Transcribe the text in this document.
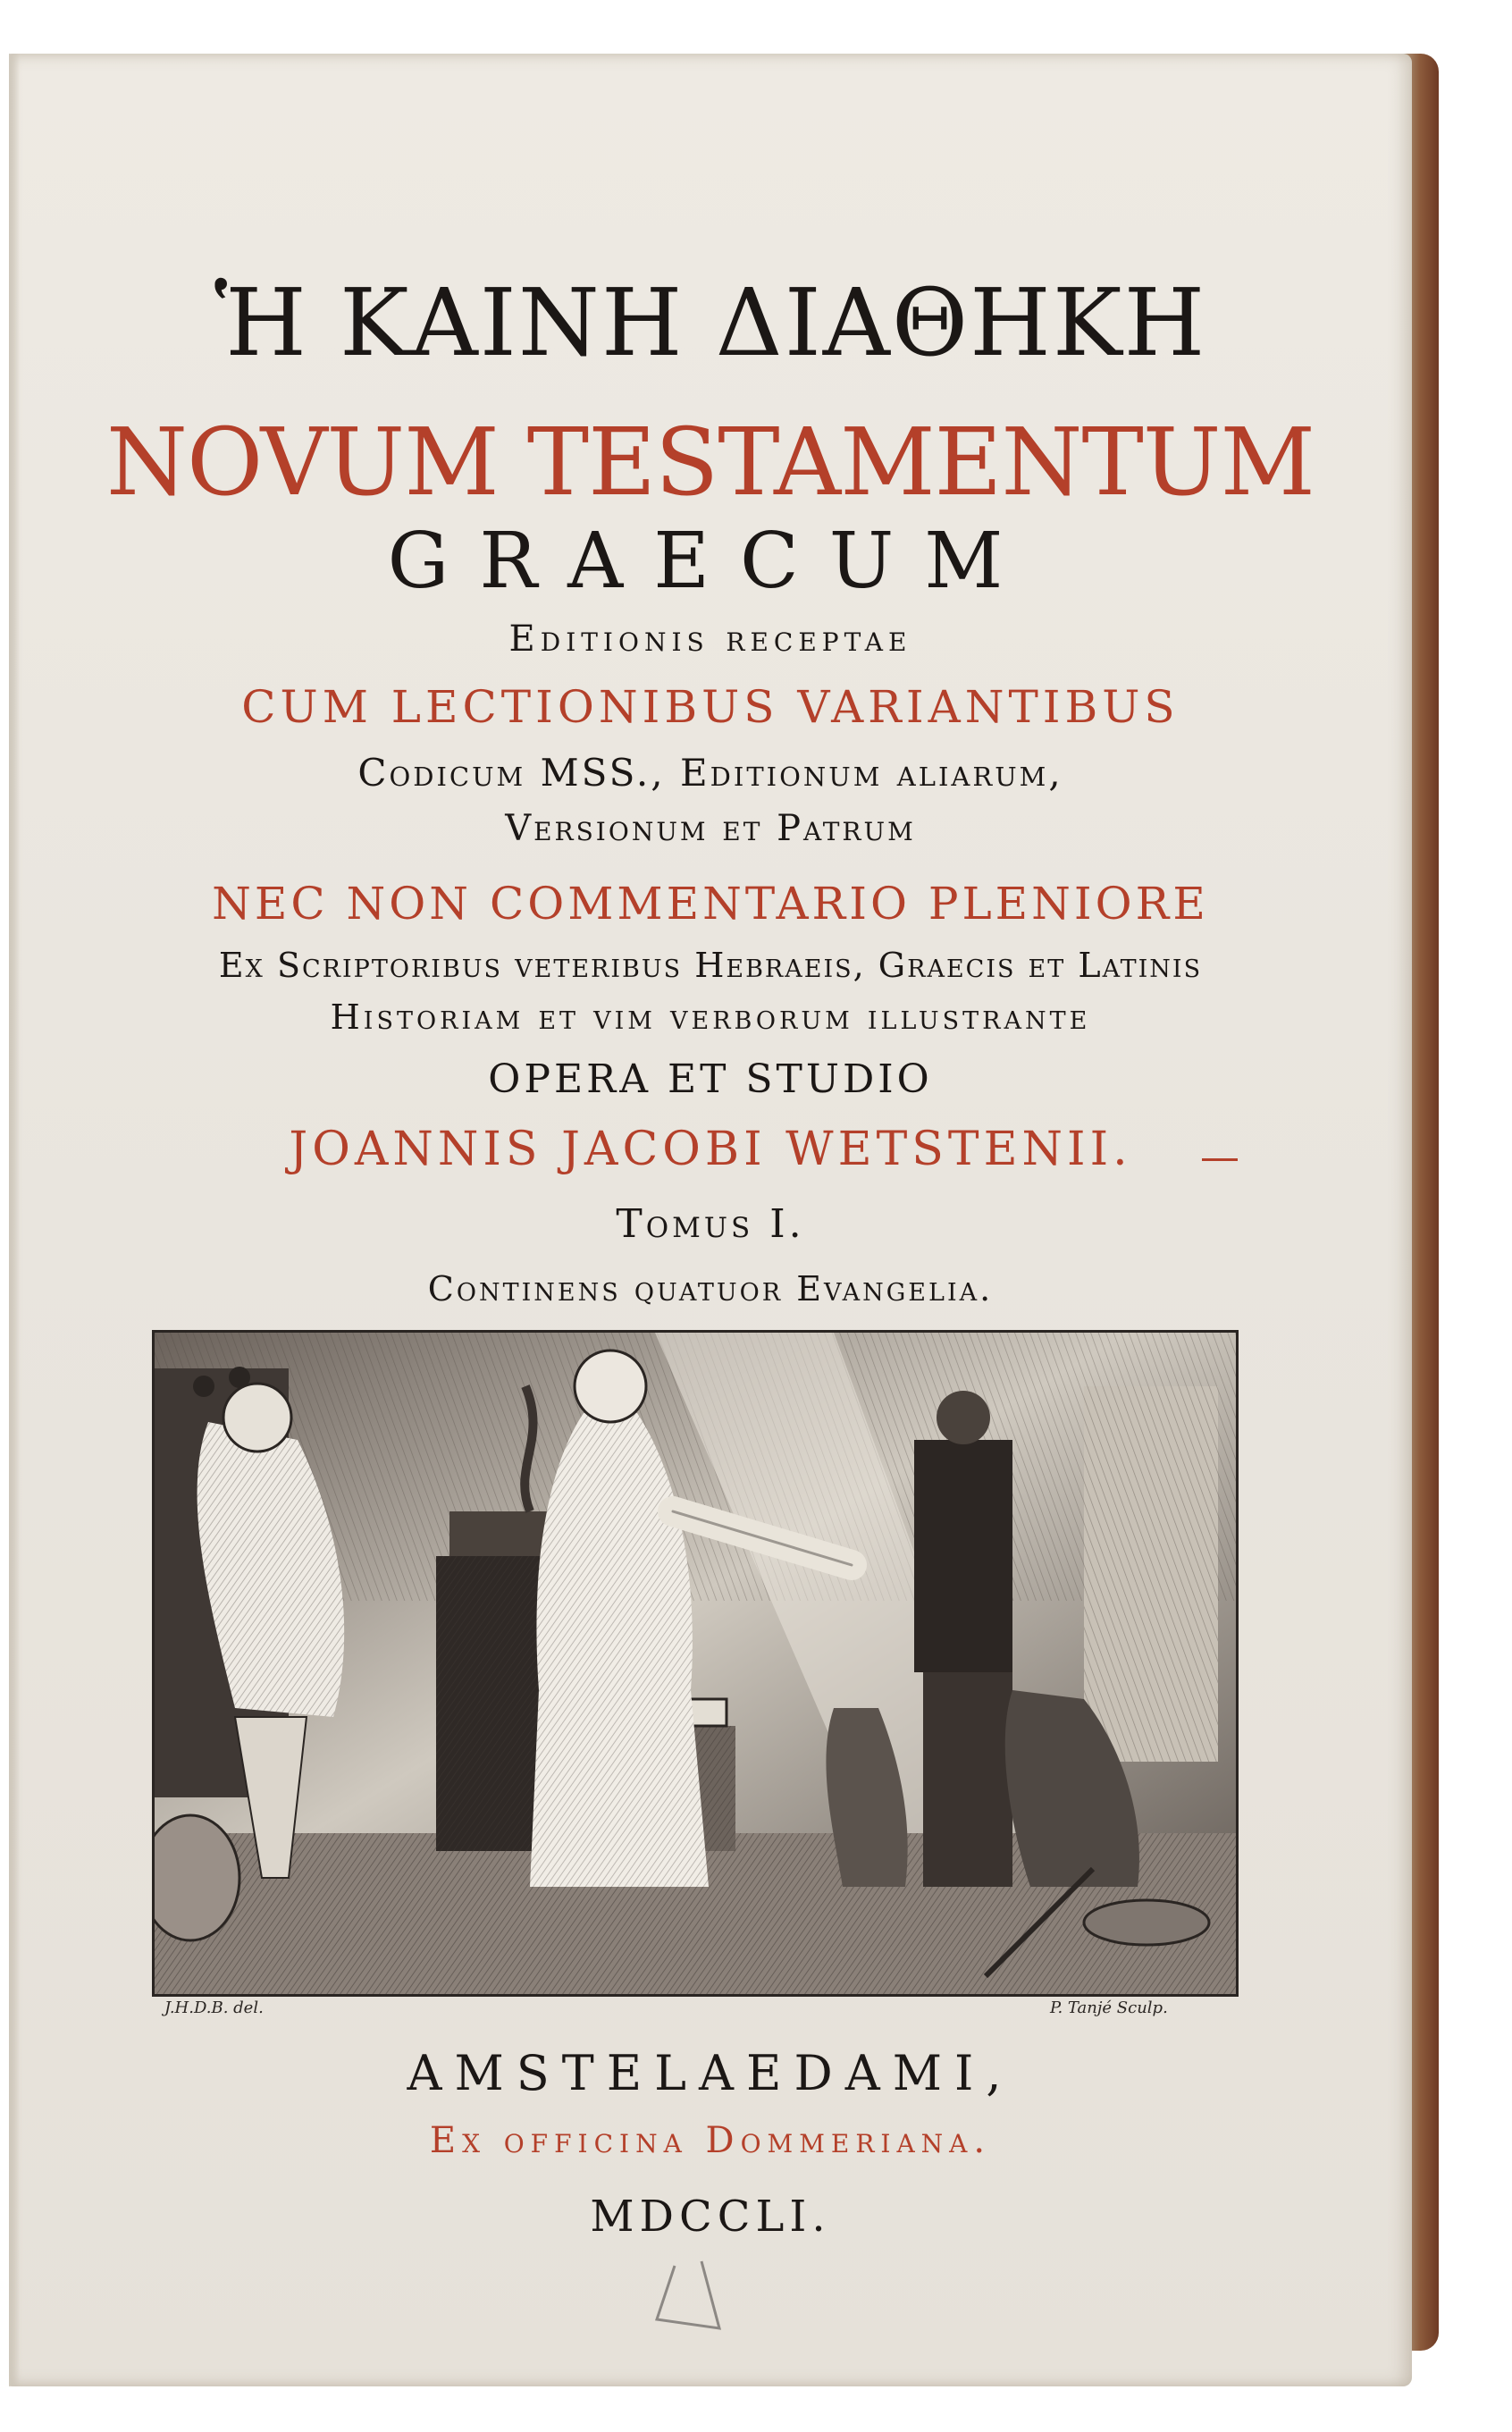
Ἡ ΚΑΙΝΗ ΔΙΑΘΗΚΗ
NOVUM TESTAMENTUM
GRAECUM
Editionis receptae
CUM LECTIONIBUS VARIANTIBUS
Codicum MSS., Editionum aliarum,
Versionum et Patrum
NEC NON COMMENTARIO PLENIORE
Ex Scriptoribus veteribus Hebraeis, Graecis et Latinis
Historiam et vim verborum illustrante
OPERA ET STUDIO
JOANNIS JACOBI WETSTENII.
Tomus I.
Continens quatuor Evangelia.
J.H.D.B. del.	P. Tanjé Sculp.
AMSTELAEDAMI,
Ex officina Dommeriana.
MDCCLI.
